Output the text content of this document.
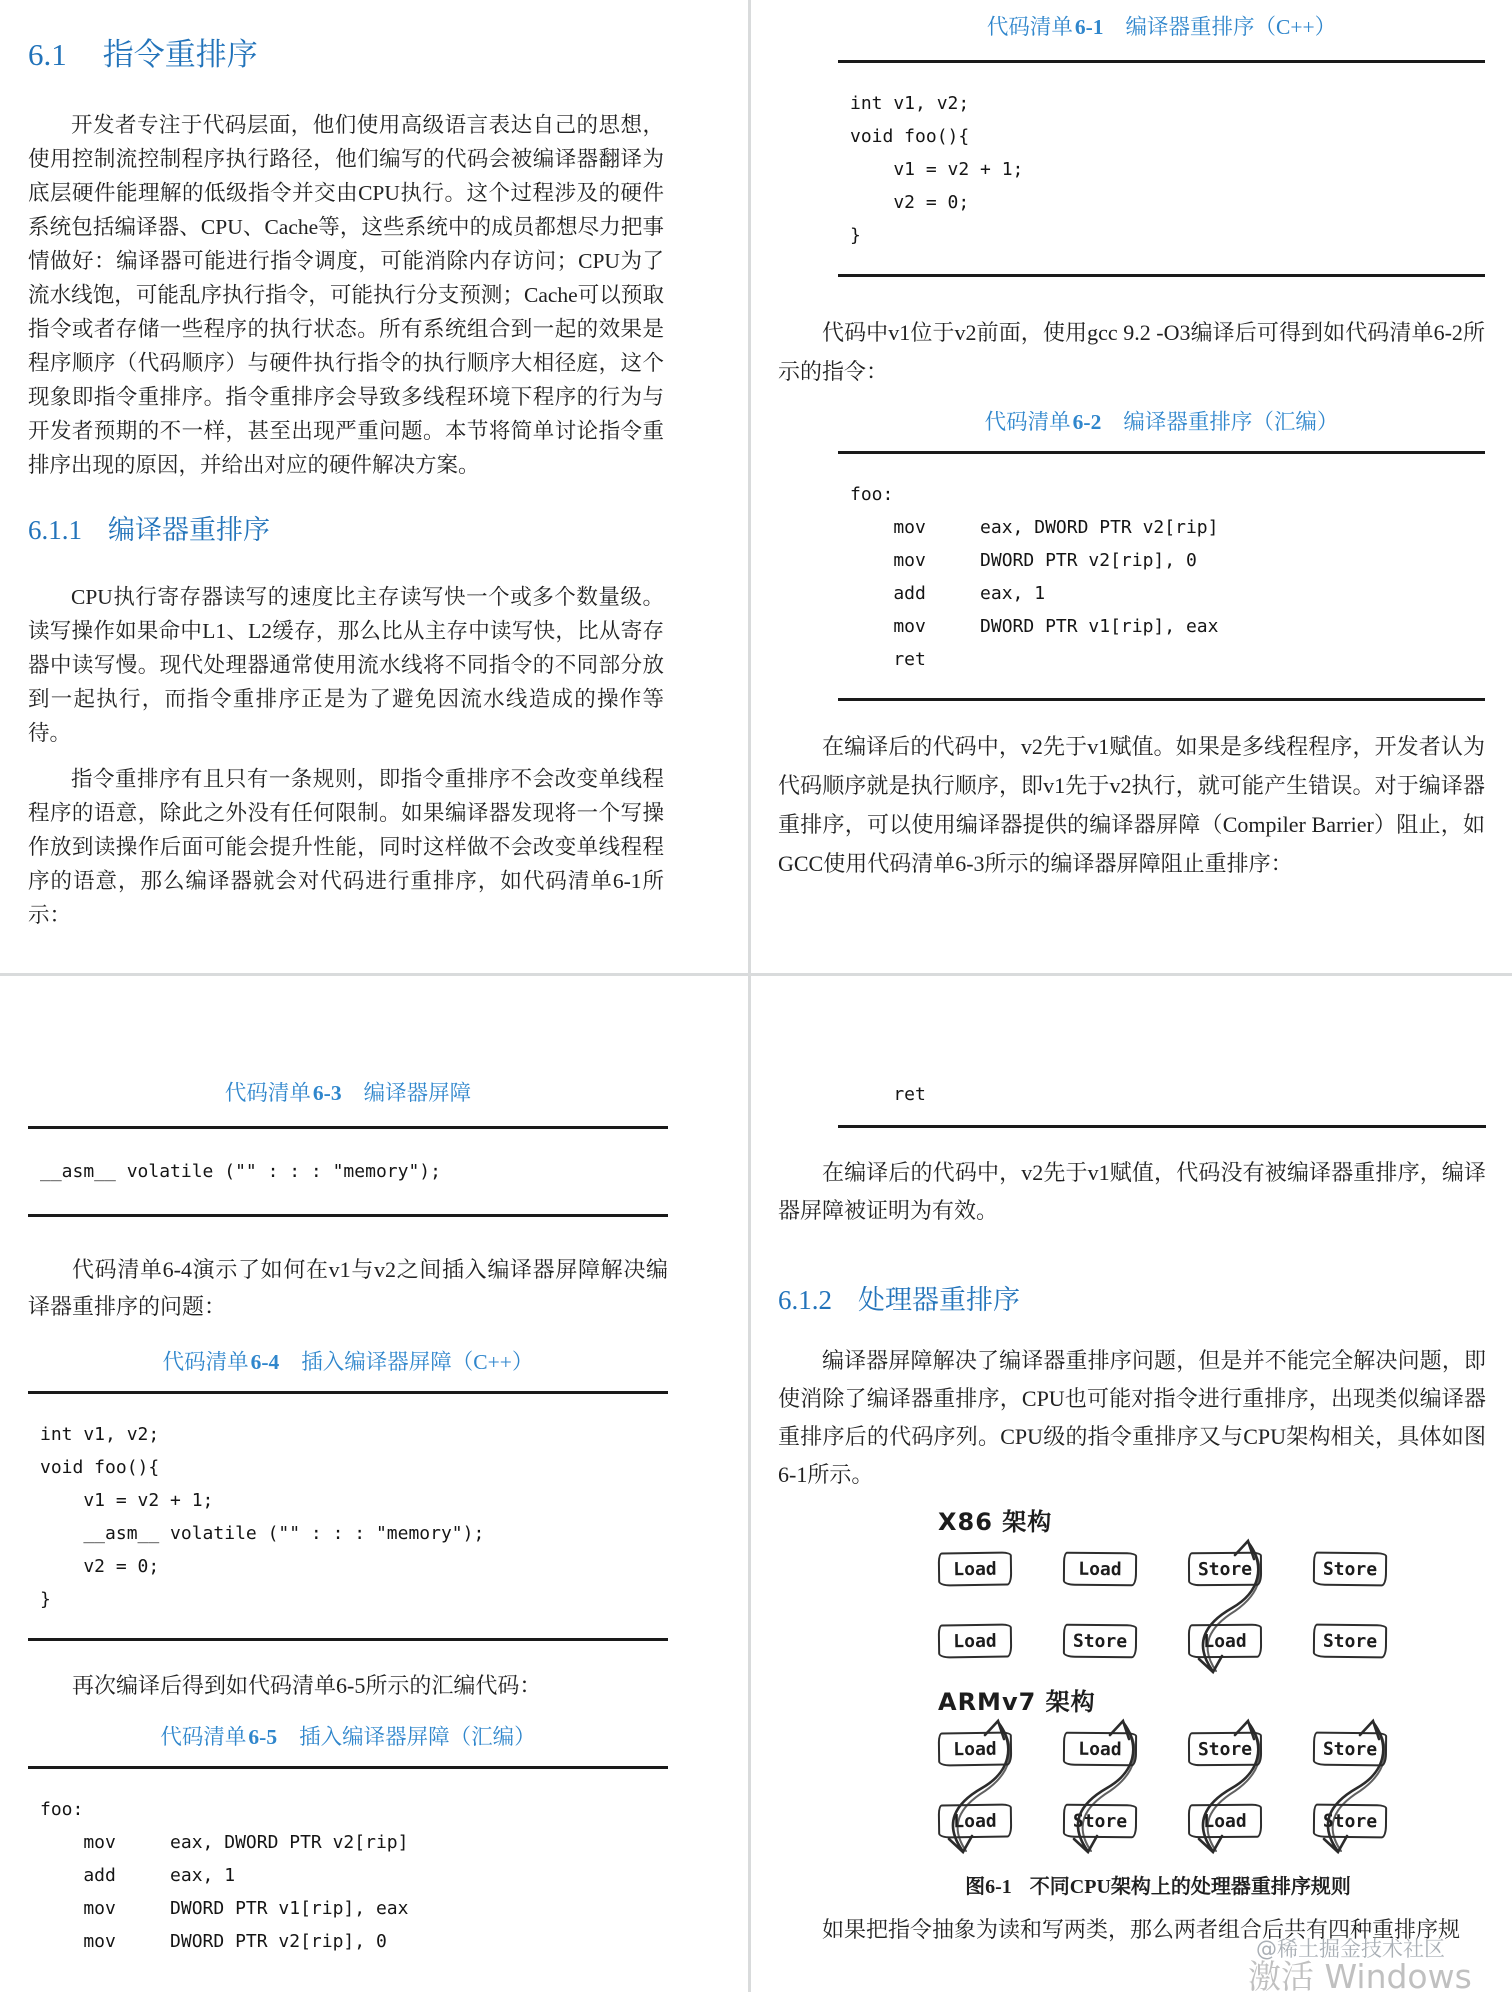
6.1 指令重排序

开发者专注于代码层面，他们使用高级语言表达自己的思想，使用控制流控制程序执行路径，他们编写的代码会被编译器翻译为底层硬件能理解的低级指令并交由CPU执行。这个过程涉及的硬件系统包括编译器、CPU、Cache等，这些系统中的成员都想尽力把事情做好：编译器可能进行指令调度，可能消除内存访问；CPU为了流水线饱，可能乱序执行指令，可能执行分支预测；Cache可以预取指令或者存储一些程序的执行状态。所有系统组合到一起的效果是程序顺序（代码顺序）与硬件执行指令的执行顺序大相径庭，这个现象即指令重排序。指令重排序会导致多线程环境下程序的行为与开发者预期的不一样，甚至出现严重问题。本节将简单讨论指令重排序出现的原因，并给出对应的硬件解决方案。

6.1.1 编译器重排序

CPU执行寄存器读写的速度比主存读写快一个或多个数量级。读写操作如果命中L1、L2缓存，那么比从主存中读写快，比从寄存器中读写慢。现代处理器通常使用流水线将不同指令的不同部分放到一起执行，而指令重排序正是为了避免因流水线造成的操作等待。

指令重排序有且只有一条规则，即指令重排序不会改变单线程程序的语意，除此之外没有任何限制。如果编译器发现将一个写操作放到读操作后面可能会提升性能，同时这样做不会改变单线程程序的语意，那么编译器就会对代码进行重排序，如代码清单6-1所示：

代码清单6-1 编译器重排序（C++）
int v1, v2;
void foo(){
v1 = v2 + 1;
v2 = 0;
}

代码中v1位于v2前面，使用gcc 9.2 -O3编译后可得到如代码清单6-2所示的指令：

代码清单6-2 编译器重排序（汇编）
foo:
mov     eax, DWORD PTR v2[rip]
mov     DWORD PTR v2[rip], 0
add     eax, 1
mov     DWORD PTR v1[rip], eax
ret

在编译后的代码中，v2先于v1赋值。如果是多线程程序，开发者认为代码顺序就是执行顺序，即v1先于v2执行，就可能产生错误。对于编译器重排序，可以使用编译器提供的编译器屏障（Compiler Barrier）阻止，如GCC使用代码清单6-3所示的编译器屏障阻止重排序：

代码清单6-3 编译器屏障
__asm__ volatile ("" : : : "memory");

代码清单6-4演示了如何在v1与v2之间插入编译器屏障解决编译器重排序的问题：

代码清单6-4 插入编译器屏障（C++）
int v1, v2;
void foo(){
v1 = v2 + 1;
__asm__ volatile ("" : : : "memory");
v2 = 0;
}

再次编译后得到如代码清单6-5所示的汇编代码：

代码清单6-5 插入编译器屏障（汇编）
foo:
mov     eax, DWORD PTR v2[rip]
add     eax, 1
mov     DWORD PTR v1[rip], eax
mov     DWORD PTR v2[rip], 0
ret

在编译后的代码中，v2先于v1赋值，代码没有被编译器重排序，编译器屏障被证明为有效。

6.1.2 处理器重排序

编译器屏障解决了编译器重排序问题，但是并不能完全解决问题，即使消除了编译器重排序，CPU也可能对指令进行重排序，出现类似编译器重排序后的代码序列。CPU级的指令重排序又与CPU架构相关，具体如图6-1所示。

X86 架构
Load	Load	Store	Store
Load	Store	Load	Store
ARMv7 架构
Load	Load	Store	Store
Load	Store	Load	Store
图6-1 不同CPU架构上的处理器重排序规则

如果把指令抽象为读和写两类，那么两者组合后共有四种重排序规

@稀土掘金技术社区
激活 Windows
